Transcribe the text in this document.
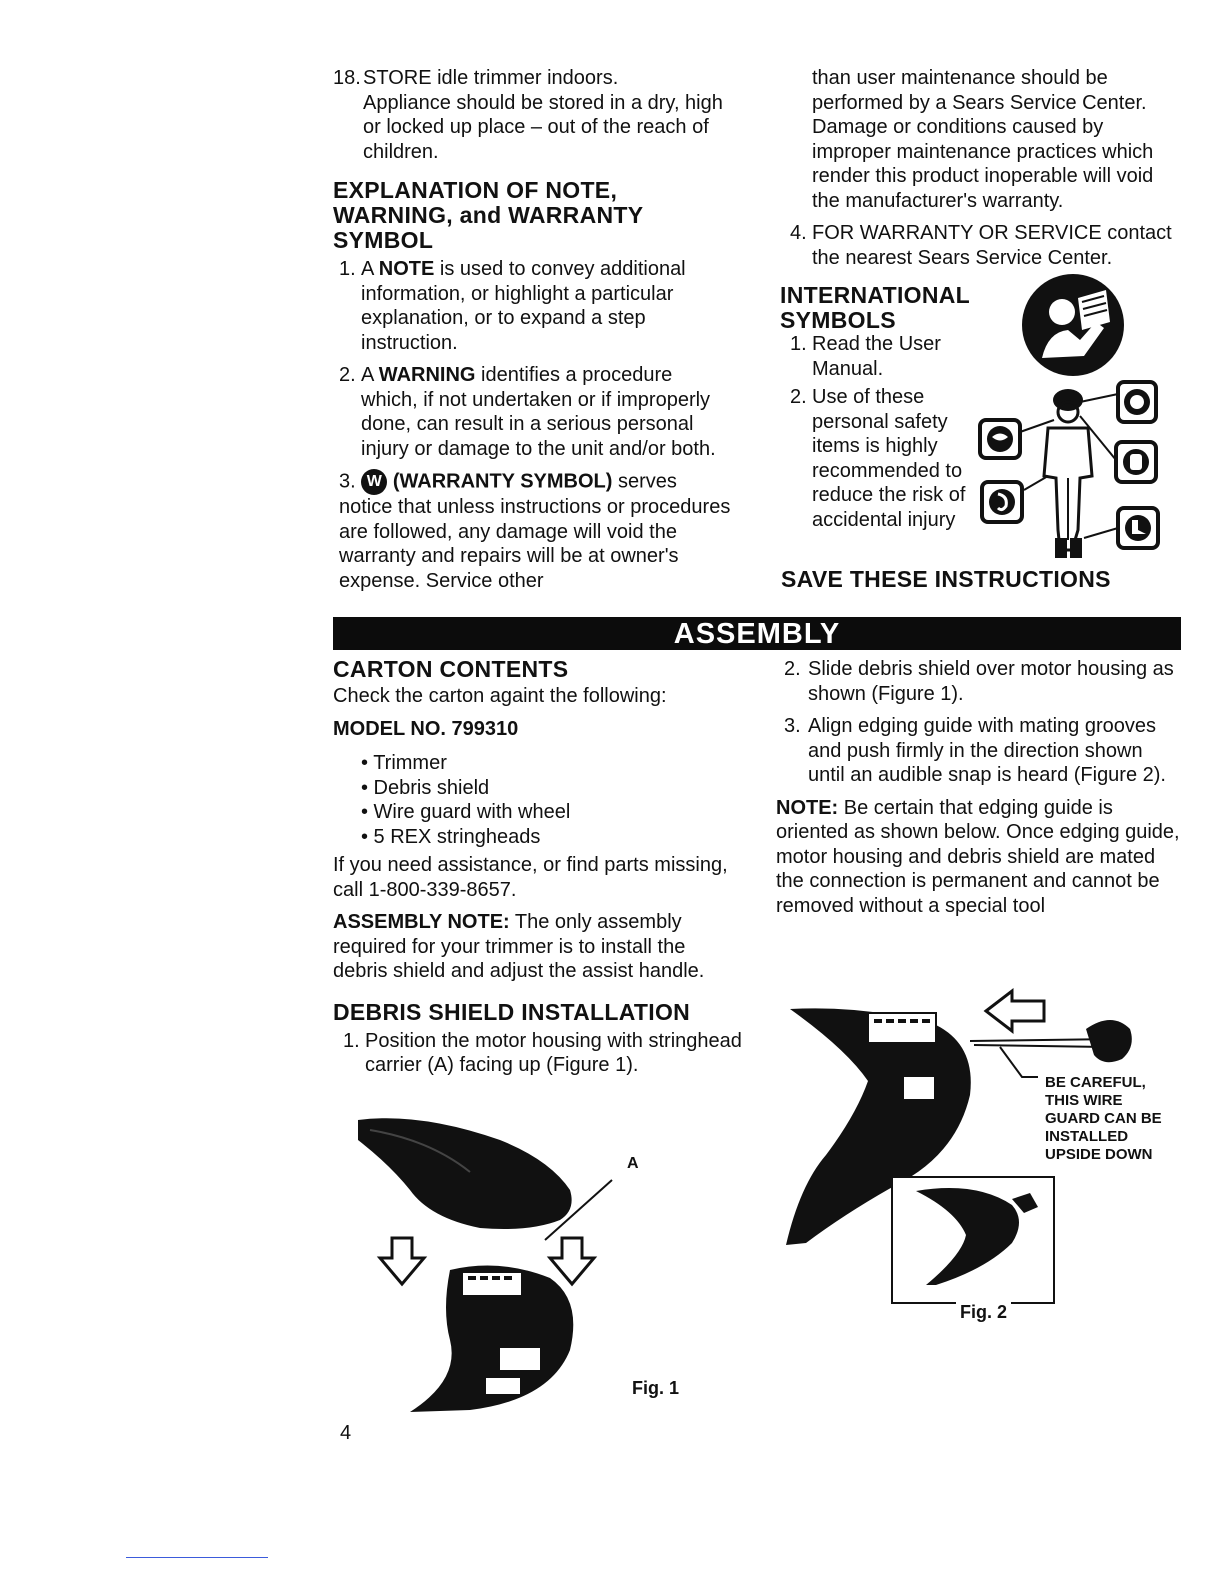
18. STORE idle trimmer indoors.
Appliance should be stored in a dry, high or locked up place – out of the reach of children.

EXPLANATION OF NOTE, WARNING, and WARRANTY SYMBOL

1. A NOTE is used to convey additional information, or highlight a particular explanation, or to expand a step instruction.
2. A WARNING identifies a procedure which, if not undertaken or if improperly done, can result in a serious personal injury or damage to the unit and/or both.
3. W (WARRANTY SYMBOL) serves notice that unless instructions or procedures are followed, any damage will void the warranty and repairs will be at owner's expense. Service other

than user maintenance should be performed by a Sears Service Center. Damage or conditions caused by improper maintenance practices which render this product inoperable will void the manufacturer's warranty.

4. FOR WARRANTY OR SERVICE contact the nearest Sears Service Center.

INTERNATIONAL SYMBOLS

1. Read the User Manual.
2. Use of these personal safety items is highly recommended to reduce the risk of accidental injury

SAVE THESE INSTRUCTIONS

ASSEMBLY

CARTON CONTENTS

Check the carton againt the following:

MODEL NO. 799310

• Trimmer

• Debris shield

• Wire guard with wheel

• 5 REX stringheads

If you need assistance, or find parts missing, call 1-800-339-8657.

ASSEMBLY NOTE: The only assembly required for your trimmer is to install the debris shield and adjust the assist handle.

DEBRIS SHIELD INSTALLATION

1. Position the motor housing with stringhead carrier (A) facing up (Figure 1).
A
Fig. 1
4
2. Slide debris shield over motor housing as shown (Figure 1).
3. Align edging guide with mating grooves and push firmly in the direction shown until an audible snap is heard (Figure 2).

NOTE: Be certain that edging guide is oriented as shown below. Once edging guide, motor housing and debris shield are mated the connection is permanent and cannot be removed without a special tool

BE CAREFUL,
THIS WIRE
GUARD CAN BE
INSTALLED
UPSIDE DOWN
Fig. 2
